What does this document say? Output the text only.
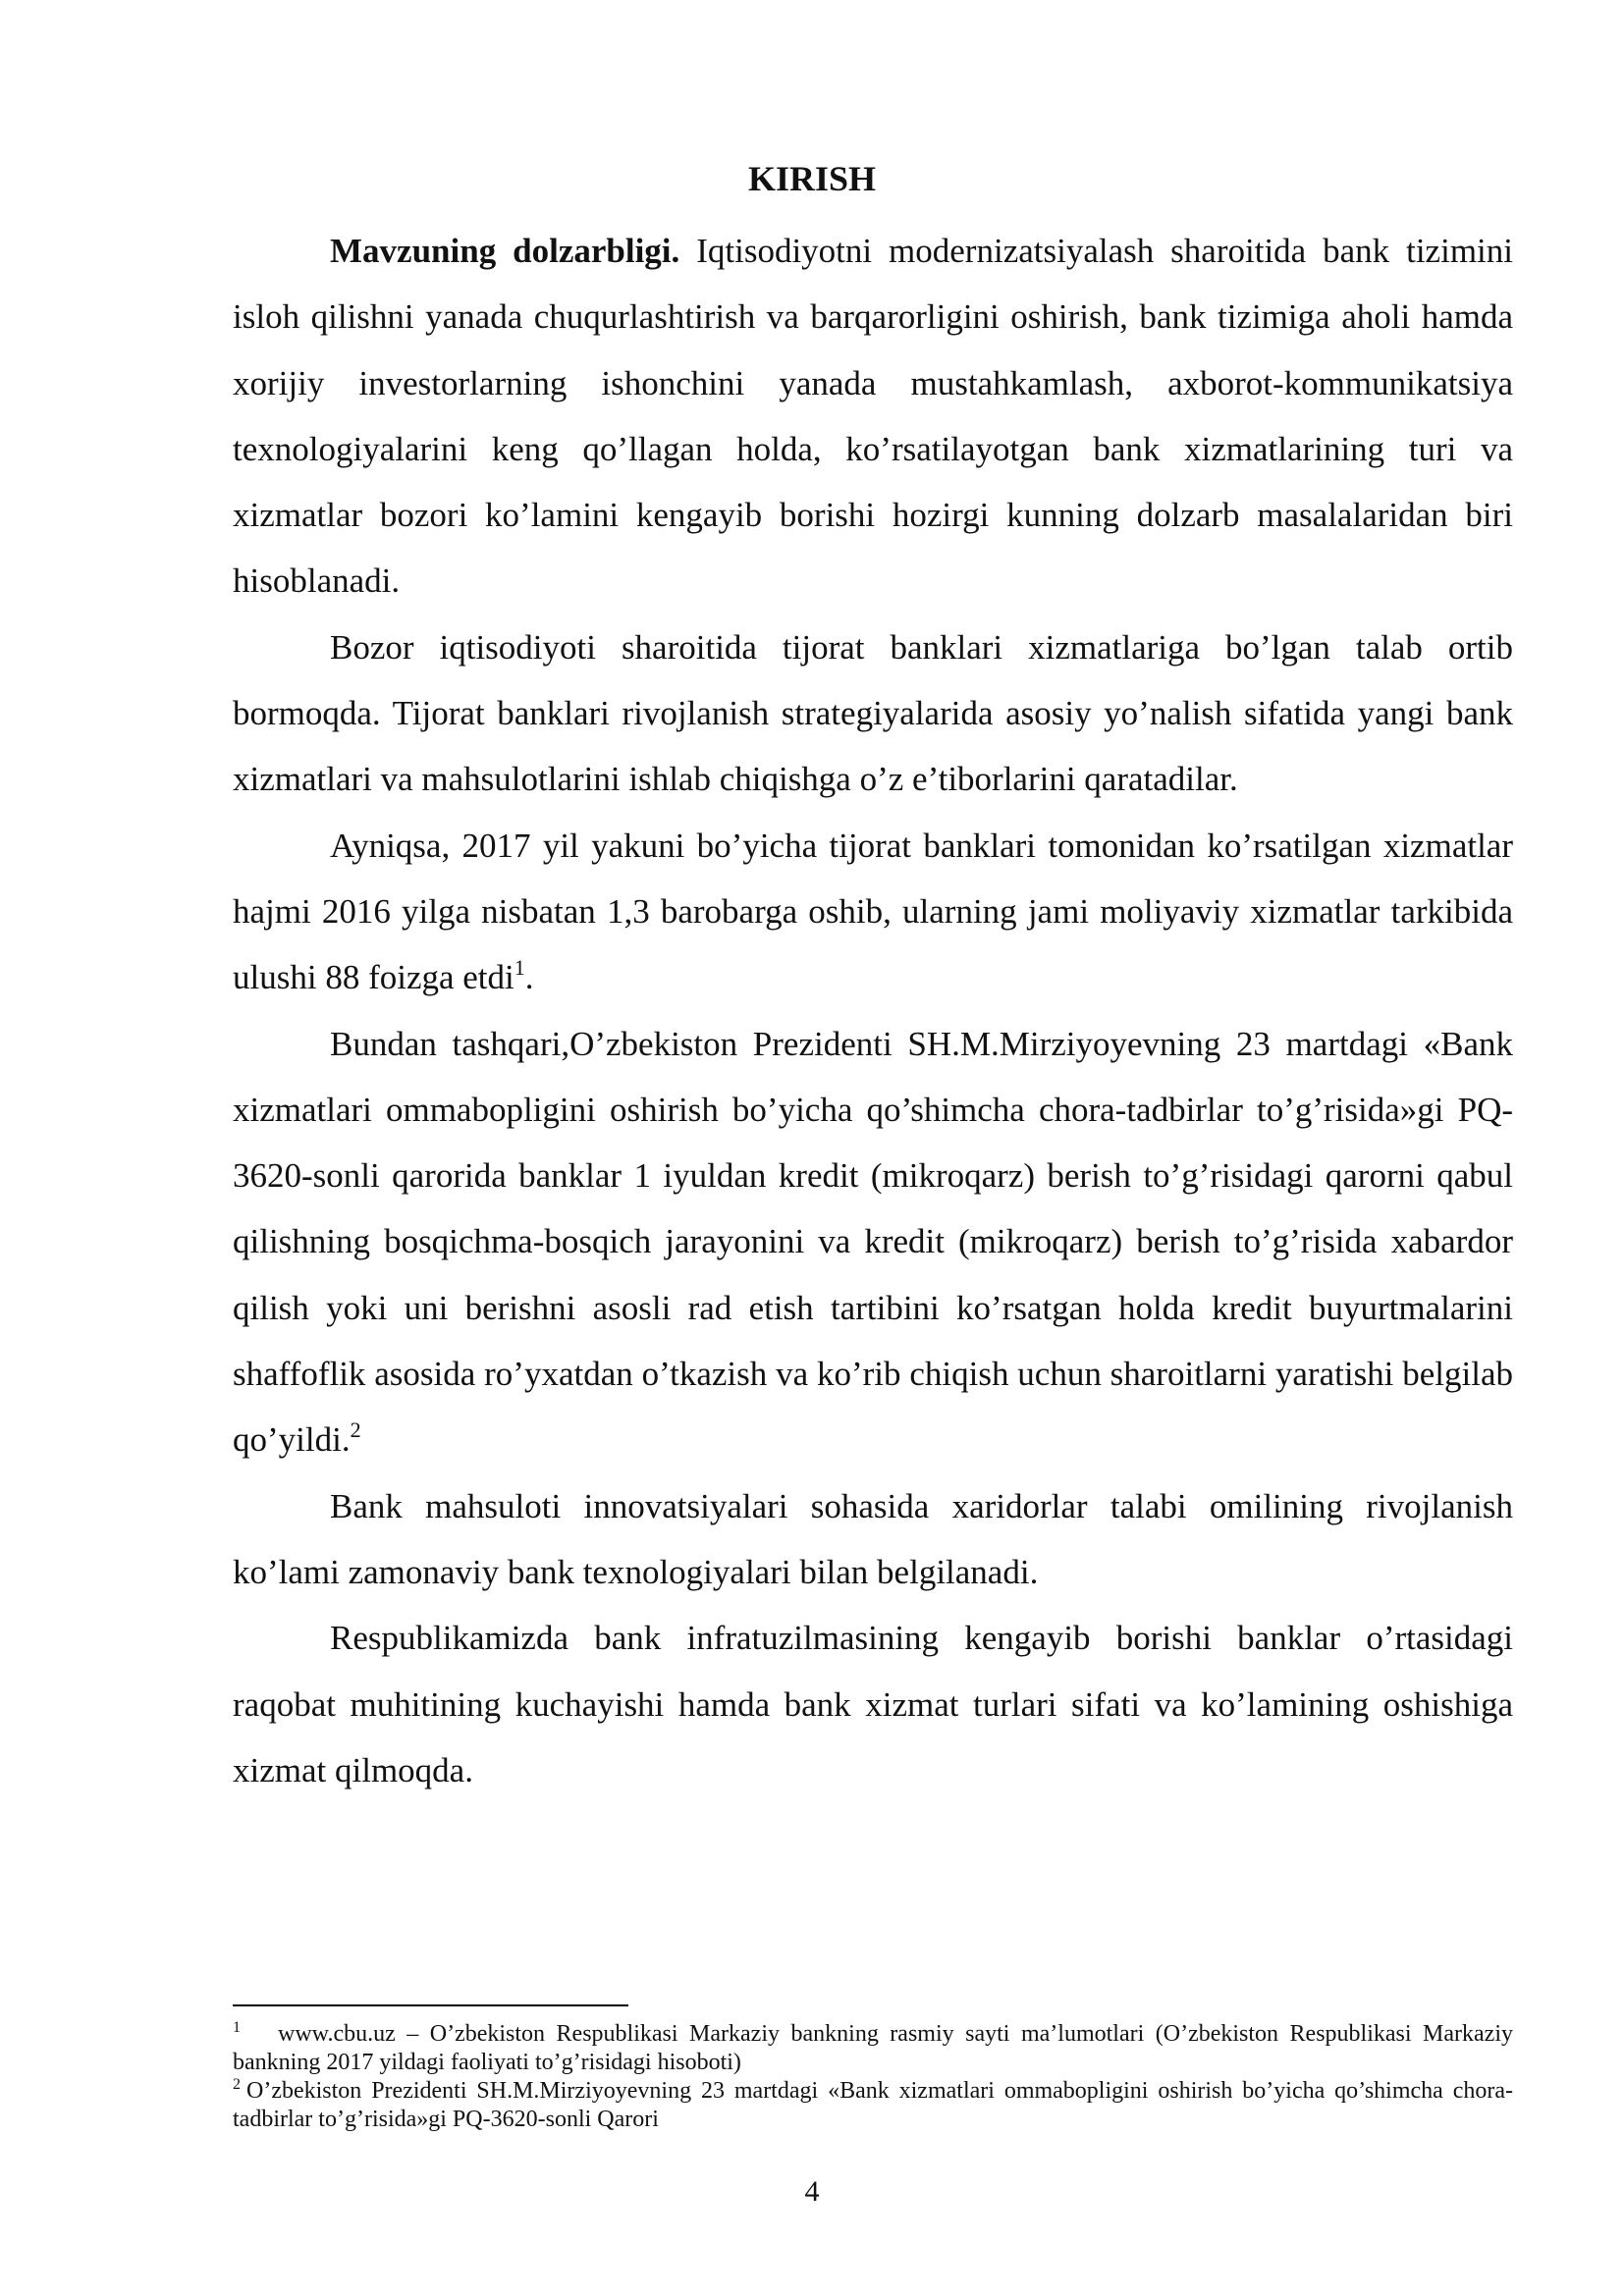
KIRISH

Mavzuning dolzarbligi. Iqtisodiyotni modernizatsiyalash sharoitida bank tizimini isloh qilishni yanada chuqurlashtirish va barqarorligini oshirish, bank tizimiga aholi hamda xorijiy investorlarning ishonchini yanada mustahkamlash, axborot-kommunikatsiya texnologiyalarini keng qo’llagan holda, ko’rsatilayotgan bank xizmatlarining turi va xizmatlar bozori ko’lamini kengayib borishi hozirgi kunning dolzarb masalalaridan biri hisoblanadi.

Bozor iqtisodiyoti sharoitida tijorat banklari xizmatlariga bo’lgan talab ortib bormoqda. Tijorat banklari rivojlanish strategiyalarida asosiy yo’nalish sifatida yangi bank xizmatlari va mahsulotlarini ishlab chiqishga o’z e’tiborlarini qaratadilar.

Ayniqsa, 2017 yil yakuni bo’yicha tijorat banklari tomonidan ko’rsatilgan xizmatlar hajmi 2016 yilga nisbatan 1,3 barobarga oshib, ularning jami moliyaviy xizmatlar tarkibida ulushi 88 foizga etdi$^1$.

Bundan tashqari,O’zbekiston Prezidenti SH.M.Mirziyoyevning 23 martdagi «Bank xizmatlari ommabopligini oshirish bo’yicha qo’shimcha chora-tadbirlar to’g’risida»gi PQ-3620-sonli qarorida banklar 1 iyuldan kredit (mikroqarz) berish to’g’risidagi qarorni qabul qilishning bosqichma-bosqich jarayonini va kredit (mikroqarz) berish to’g’risida xabardor qilish yoki uni berishni asosli rad etish tartibini ko’rsatgan holda kredit buyurtmalarini shaffoflik asosida ro’yxatdan o’tkazish va ko’rib chiqish uchun sharoitlarni yaratishi belgilab qo’yildi.$^2$

Bank mahsuloti innovatsiyalari sohasida xaridorlar talabi omilining rivojlanish ko’lami zamonaviy bank texnologiyalari bilan belgilanadi.

Respublikamizda bank infratuzilmasining kengayib borishi banklar o’rtasidagi raqobat muhitining kuchayishi hamda bank xizmat turlari sifati va ko’lamining oshishiga xizmat qilmoqda.

$^1$ www.cbu.uz – O’zbekiston Respublikasi Markaziy bankning rasmiy sayti ma’lumotlari (O’zbekiston Respublikasi Markaziy bankning 2017 yildagi faoliyati to’g’risidagi hisoboti)

$^2$ O’zbekiston Prezidenti SH.M.Mirziyoyevning 23 martdagi «Bank xizmatlari ommabopligini oshirish bo’yicha qo’shimcha chora-tadbirlar to’g’risida»gi PQ-3620-sonli Qarori

4
